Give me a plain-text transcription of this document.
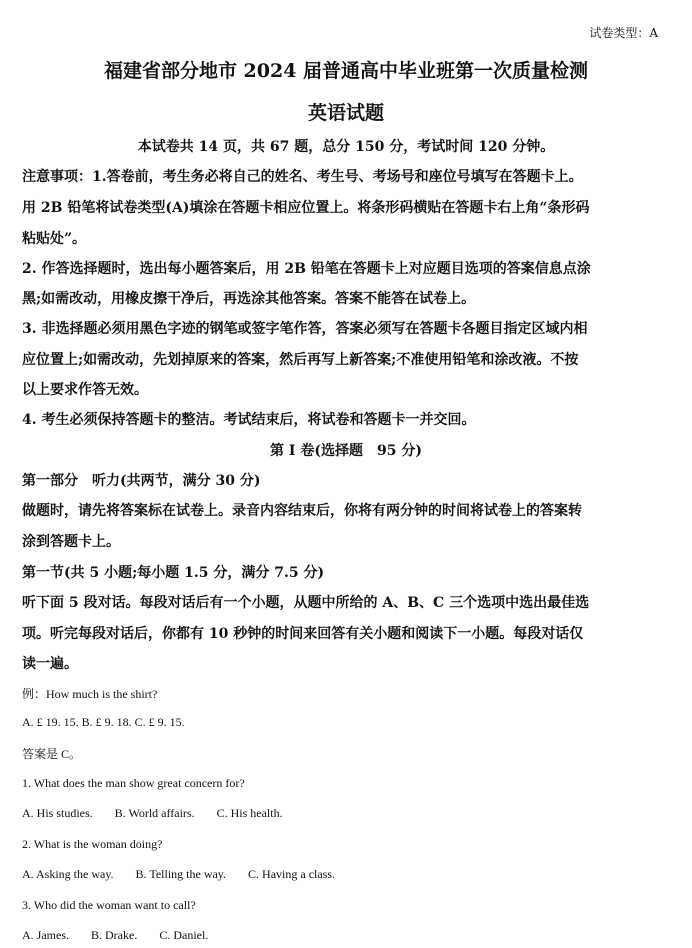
试卷类型：A
福建省部分地市 2024 届普通高中毕业班第一次质量检测
英语试题
本试卷共 14 页，共 67 题，总分 150 分，考试时间 120 分钟。
注意事项：1.答卷前，考生务必将自己的姓名、考生号、考场号和座位号填写在答题卡上。
用 2B 铅笔将试卷类型(A)填涂在答题卡相应位置上。将条形码横贴在答题卡右上角“条形码
粘贴处”。
2. 作答选择题时，选出每小题答案后，用 2B 铅笔在答题卡上对应题目选项的答案信息点涂
黑;如需改动，用橡皮擦干净后，再选涂其他答案。答案不能答在试卷上。
3. 非选择题必须用黑色字迹的钢笔或签字笔作答，答案必须写在答题卡各题目指定区域内相
应位置上;如需改动，先划掉原来的答案，然后再写上新答案;不准使用铅笔和涂改液。不按
以上要求作答无效。
4. 考生必须保持答题卡的整洁。考试结束后，将试卷和答题卡一并交回。
第 I 卷(选择题　95 分)
第一部分　听力(共两节，满分 30 分)
做题时，请先将答案标在试卷上。录音内容结束后，你将有两分钟的时间将试卷上的答案转
涂到答题卡上。
第一节(共 5 小题;每小题 1.5 分，满分 7.5 分)
听下面 5 段对话。每段对话后有一个小题，从题中所给的 A、B、C 三个选项中选出最佳选
项。听完每段对话后，你都有 10 秒钟的时间来回答有关小题和阅读下一小题。每段对话仅
读一遍。
例：How much is the shirt?
A. £ 19. 15. B. £ 9. 18. C. £ 9. 15.
答案是 C。
1. What does the man show great concern for?
A. His studies. B. World affairs. C. His health.
2. What is the woman doing?
A. Asking the way. B. Telling the way. C. Having a class.
3. Who did the woman want to call?
A. James. B. Drake. C. Daniel.
